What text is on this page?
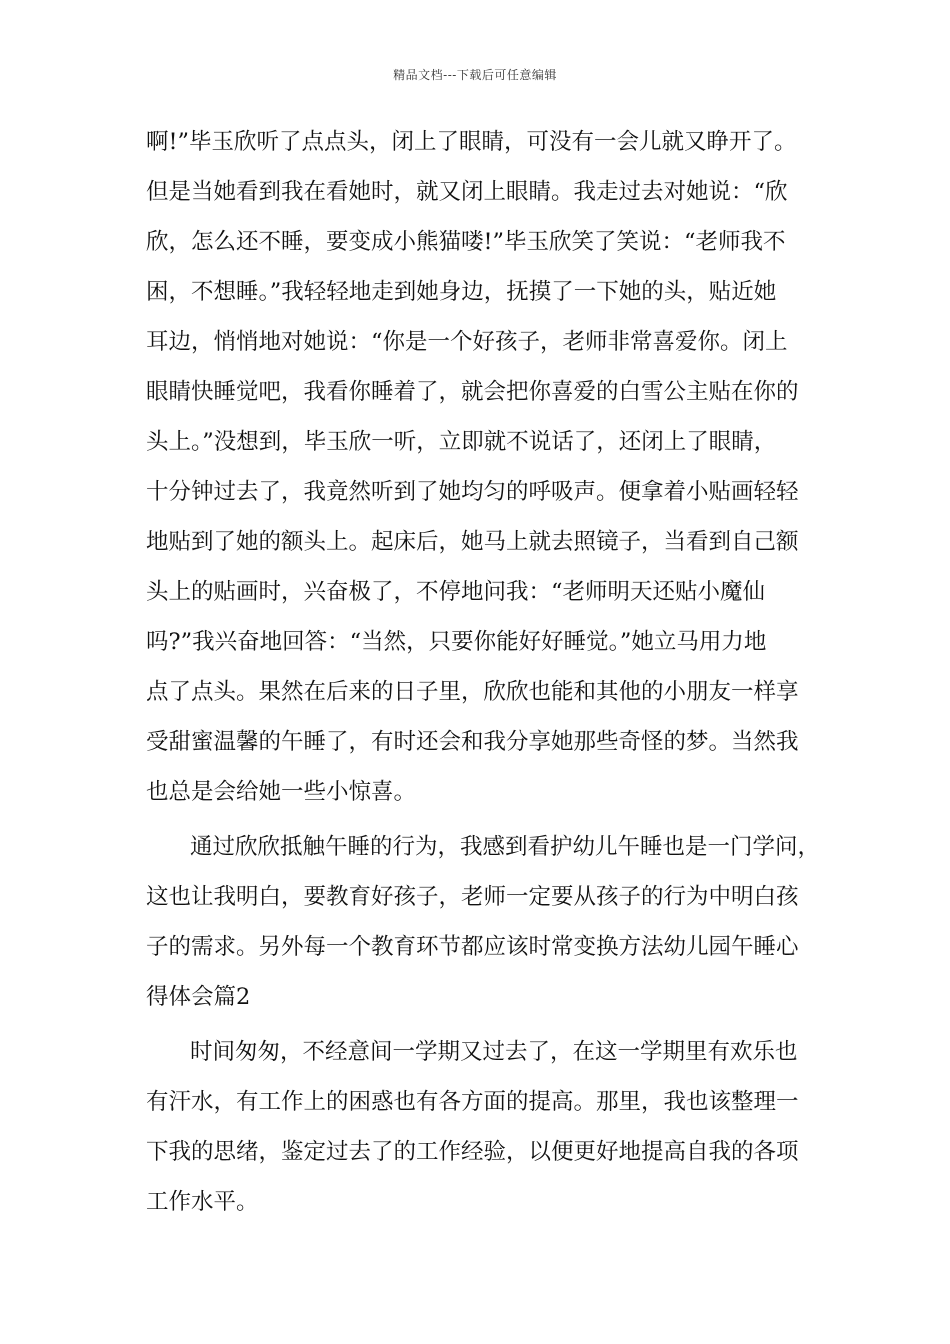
精品文档---下载后可任意编辑
啊!”毕玉欣听了点点头，闭上了眼睛，可没有一会儿就又睁开了。
但是当她看到我在看她时，就又闭上眼睛。我走过去对她说：“欣
欣，怎么还不睡，要变成小熊猫喽!”毕玉欣笑了笑说：“老师我不
困，不想睡。”我轻轻地走到她身边，抚摸了一下她的头，贴近她
耳边，悄悄地对她说：“你是一个好孩子，老师非常喜爱你。闭上
眼睛快睡觉吧，我看你睡着了，就会把你喜爱的白雪公主贴在你的
头上。”没想到，毕玉欣一听，立即就不说话了，还闭上了眼睛，
十分钟过去了，我竟然听到了她均匀的呼吸声。便拿着小贴画轻轻
地贴到了她的额头上。起床后，她马上就去照镜子，当看到自己额
头上的贴画时，兴奋极了，不停地问我：“老师明天还贴小魔仙
吗?”我兴奋地回答：“当然，只要你能好好睡觉。”她立马用力地
点了点头。果然在后来的日子里，欣欣也能和其他的小朋友一样享
受甜蜜温馨的午睡了，有时还会和我分享她那些奇怪的梦。当然我
也总是会给她一些小惊喜。
通过欣欣抵触午睡的行为，我感到看护幼儿午睡也是一门学问，
这也让我明白，要教育好孩子，老师一定要从孩子的行为中明白孩
子的需求。另外每一个教育环节都应该时常变换方法幼儿园午睡心
得体会篇2
时间匆匆，不经意间一学期又过去了，在这一学期里有欢乐也
有汗水，有工作上的困惑也有各方面的提高。那里，我也该整理一
下我的思绪，鉴定过去了的工作经验，以便更好地提高自我的各项
工作水平。
